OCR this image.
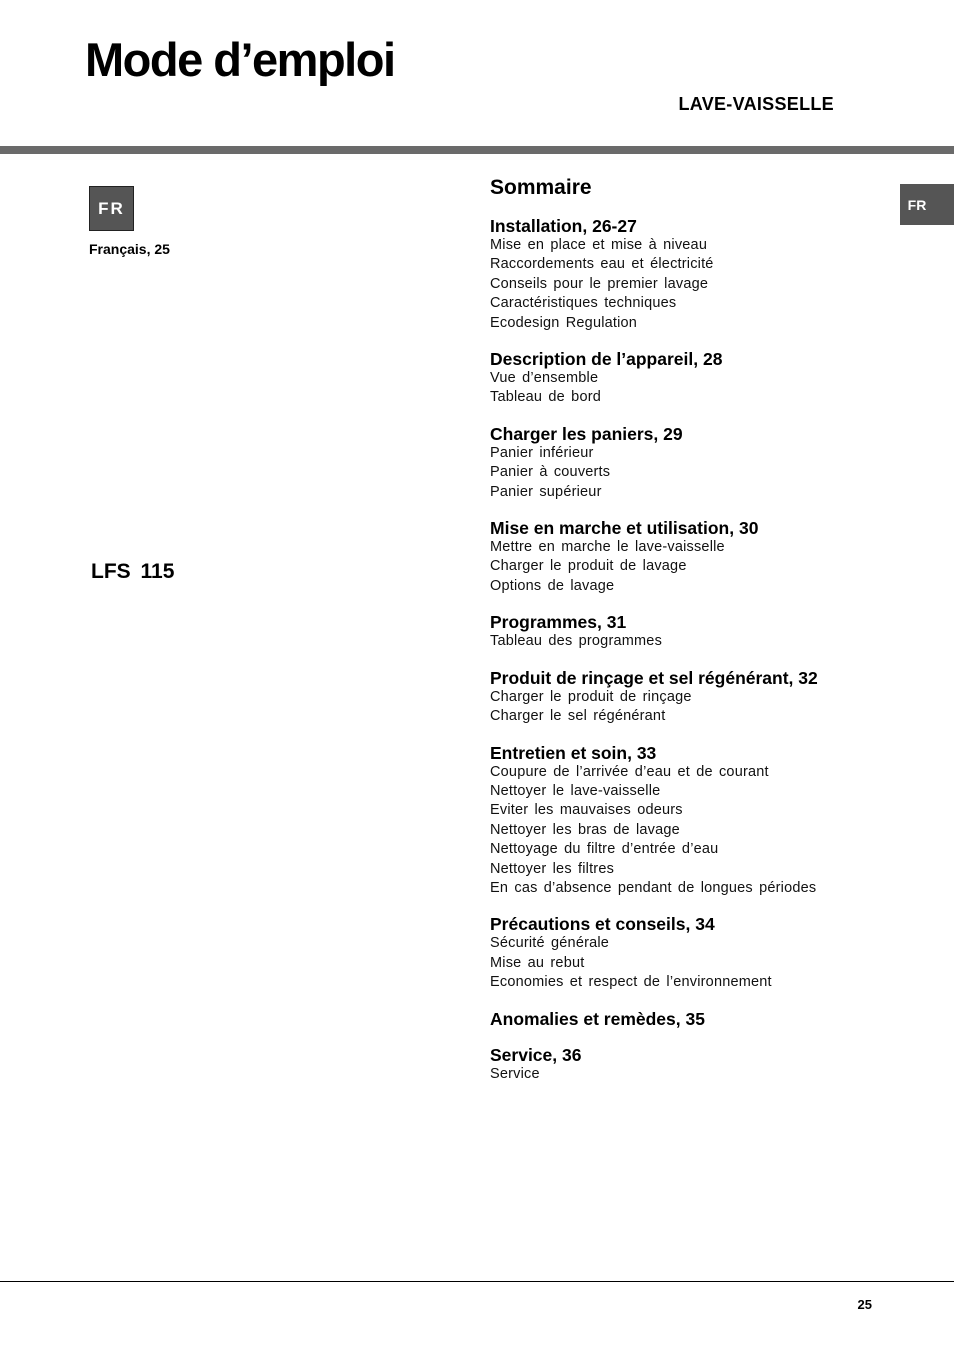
Mode d’emploi
LAVE-VAISSELLE
FR
Français, 25
LFS 115
FR
Sommaire
Installation, 26-27
Mise en place et mise à niveau
Raccordements eau et électricité
Conseils pour le premier lavage
Caractéristiques techniques
Ecodesign Regulation
Description de l’appareil, 28
Vue d’ensemble
Tableau de bord
Charger les paniers, 29
Panier inférieur
Panier à couverts
Panier supérieur
Mise en marche et utilisation, 30
Mettre en marche le lave-vaisselle
Charger le produit de lavage
Options de lavage
Programmes, 31
Tableau des programmes
Produit de rinçage et sel régénérant, 32
Charger le produit de rinçage
Charger le sel régénérant
Entretien et soin, 33
Coupure de l’arrivée d’eau et de courant
Nettoyer le lave-vaisselle
Eviter les mauvaises odeurs
Nettoyer les bras de lavage
Nettoyage du filtre d’entrée d’eau
Nettoyer les filtres
En cas d’absence pendant de longues périodes
Précautions et conseils, 34
Sécurité générale
Mise au rebut
Economies et respect de l’environnement
Anomalies et remèdes, 35
Service, 36
Service
25
